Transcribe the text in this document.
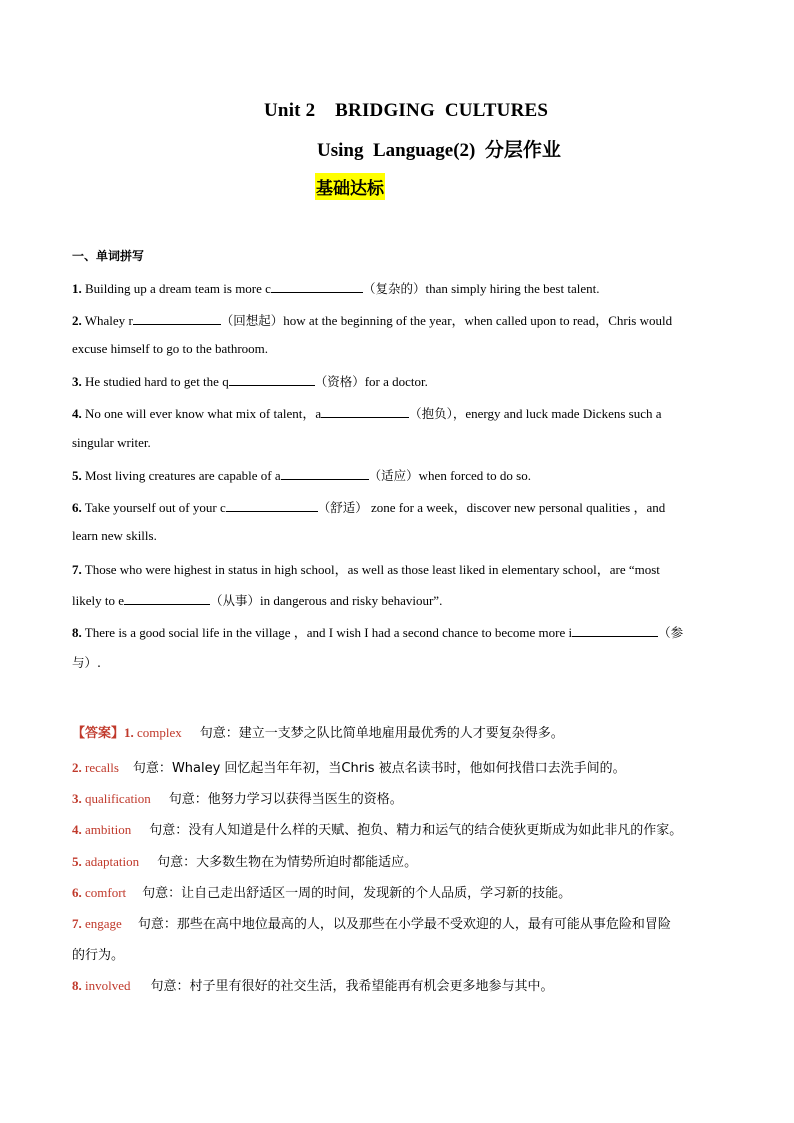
Unit 2    BRIDGING  CULTURES
Using  Language(2)  分层作业
基础达标
一、单词拼写
1. Building up a dream team is more c	（复杂的）than simply hiring the best talent.
2. Whaley r	（回想起）how at the beginning of the year，when called upon to read，Chris would
excuse himself to go to the bathroom.
3. He studied hard to get the q	（资格）for a doctor.
4. No one will ever know what mix of talent，a	（抱负），energy and luck made Dickens such a
singular writer.
5. Most living creatures are capable of a	（适应）when forced to do so.
6. Take yourself out of your c	（舒适） zone for a week，discover new personal qualities ，and
learn new skills.
7. Those who were highest in status in high school，as well as those least liked in elementary school，are “most
likely to e	（从事）in dangerous and risky behaviour”.
8. There is a good social life in the village ，and I wish I had a second chance to become more i	（参
与）.
【答案】1. complex 句意：建立一支梦之队比简单地雇用最优秀的人才要复杂得多。
2. recalls 句意：Whaley 回忆起当年年初，当Chris 被点名读书时，他如何找借口去洗手间的。
3. qualification 句意：他努力学习以获得当医生的资格。
4. ambition 句意：没有人知道是什么样的天赋、抱负、精力和运气的结合使狄更斯成为如此非凡的作家。
5. adaptation 句意：大多数生物在为情势所迫时都能适应。
6. comfort 句意：让自己走出舒适区一周的时间，发现新的个人品质，学习新的技能。
7. engage 句意：那些在高中地位最高的人，以及那些在小学最不受欢迎的人，最有可能从事危险和冒险
的行为。
8. involved 句意：村子里有很好的社交生活，我希望能再有机会更多地参与其中。
